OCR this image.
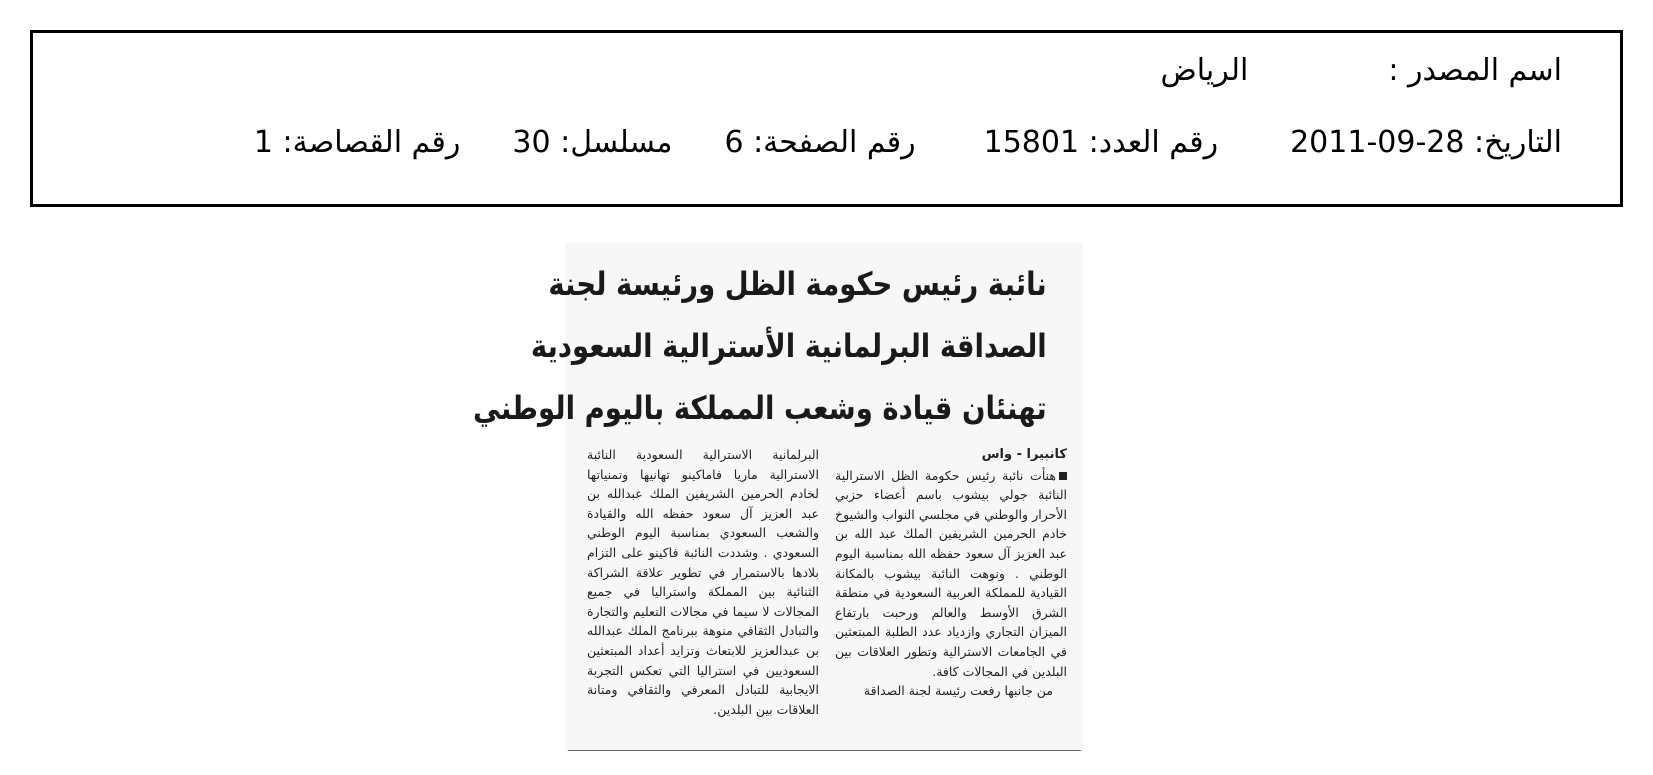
اسم المصدر :
الرياض
التاريخ: 28-09-2011
رقم العدد: 15801
رقم الصفحة: 6
مسلسل: 30
رقم القصاصة: 1
نائبة رئيس حكومة الظل ورئيسة لجنة
الصداقة البرلمانية الأسترالية السعودية
تهنئان قيادة وشعب المملكة باليوم الوطني
كانبيرا - واس

هنأت نائبة رئيس حكومة الظل الاسترالية النائبة جولي بيشوب باسم أعضاء حزبي الأحرار والوطني في مجلسي النواب والشيوخ خادم الحرمين الشريفين الملك عبد الله بن عبد العزيز آل سعود حفظه الله بمناسبة اليوم الوطني . ونوهت النائبة بيشوب بالمكانة القيادية للمملكة العربية السعودية في منطقة الشرق الأوسط والعالم ورحبت بارتفاع الميزان التجاري وازدياد عدد الطلبة المبتعثين في الجامعات الاسترالية وتطور العلاقات بين البلدين في المجالات كافة.

من جانبها رفعت رئيسة لجنة الصداقة

البرلمانية الاسترالية السعودية النائبة الاسترالية ماريا فاماكينو تهانيها وتمنياتها لخادم الحرمين الشريفين الملك عبدالله بن عبد العزيز آل سعود حفظه الله والقيادة والشعب السعودي بمناسبة اليوم الوطني السعودي . وشددت النائبة فاكينو على التزام بلادها بالاستمرار في تطوير علاقة الشراكة الثنائية بين المملكة واستراليا في جميع المجالات لا سيما في مجالات التعليم والتجارة والتبادل الثقافي منوهة ببرنامج الملك عبدالله بن عبدالعزيز للابتعاث وتزايد أعداد المبتعثين السعوديين في استراليا التي تعكس التجربة الايجابية للتبادل المعرفي والثقافي ومتانة العلاقات بين البلدين.
